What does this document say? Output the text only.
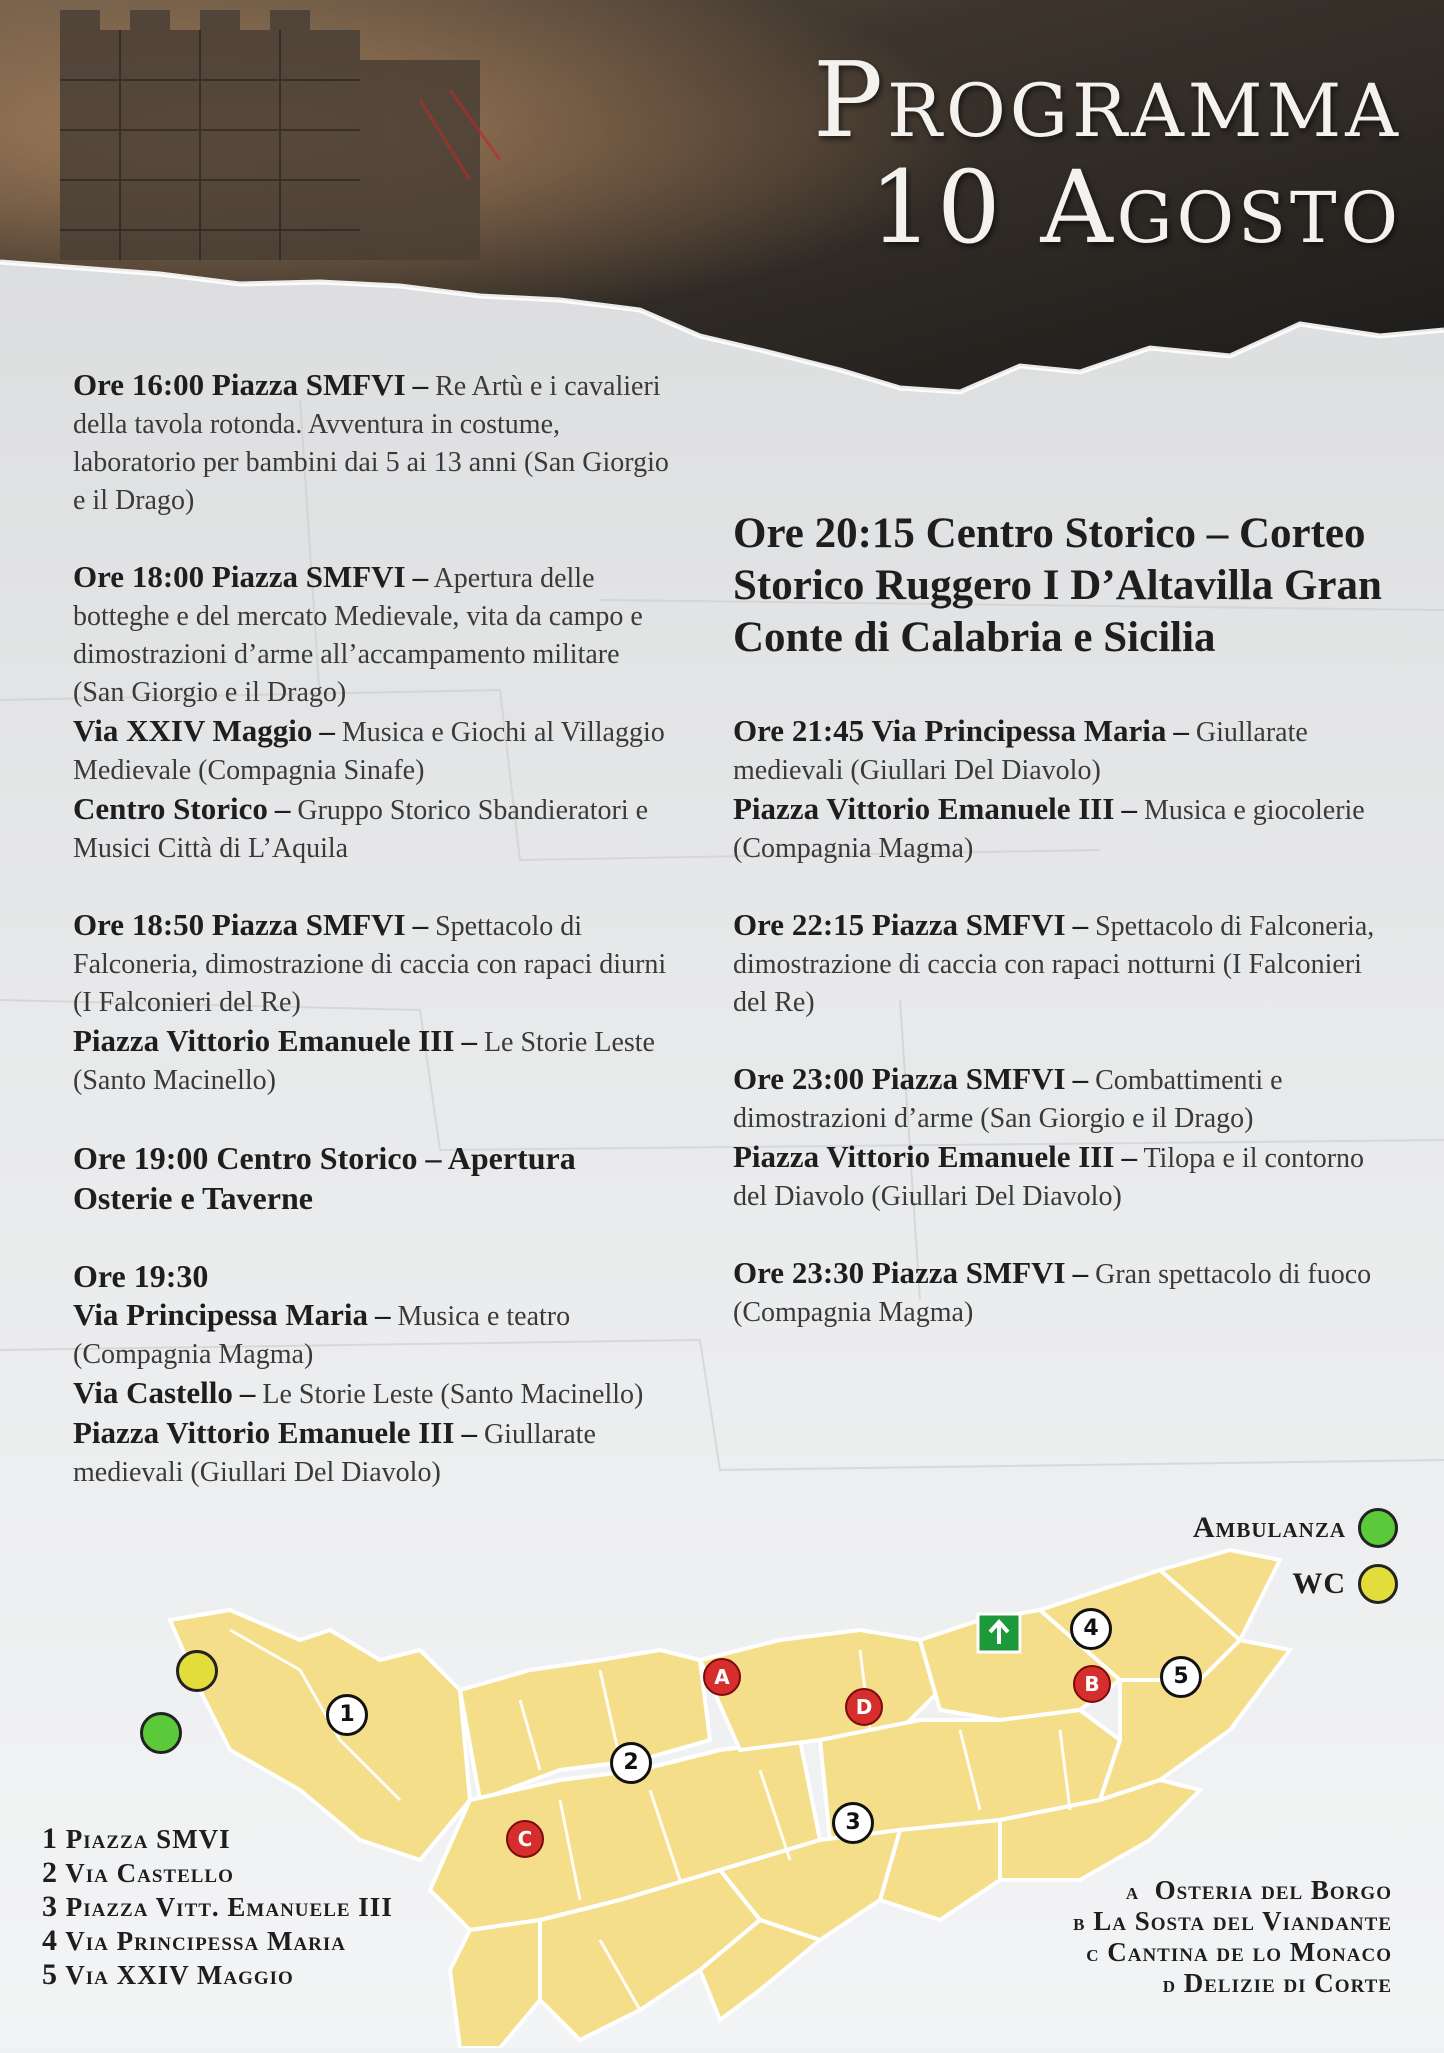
Programma
10 Agosto
Ore 16:00 Piazza SMFVI – Re Artù e i cavalieri della tavola rotonda. Avventura in costume, laboratorio per bambini dai 5 ai 13 anni (San Giorgio e il Drago)
Ore 18:00 Piazza SMFVI – Apertura delle botteghe e del mercato Medievale, vita da campo e dimostrazioni d’arme all’accampamento militare (San Giorgio e il Drago)
Via XXIV Maggio – Musica e Giochi al Villaggio Medievale (Compagnia Sinafe)
Centro Storico – Gruppo Storico Sbandieratori e Musici Città di L’Aquila
Ore 18:50 Piazza SMFVI – Spettacolo di Falconeria, dimostrazione di caccia con rapaci diurni (I Falconieri del Re)
Piazza Vittorio Emanuele III – Le Storie Leste (Santo Macinello)
Ore 19:00 Centro Storico – Apertura Osterie e Taverne
Ore 19:30
Via Principessa Maria – Musica e teatro (Compagnia Magma)
Via Castello – Le Storie Leste (Santo Macinello)
Piazza Vittorio Emanuele III – Giullarate medievali (Giullari Del Diavolo)
Ore 20:15 Centro Storico – Corteo Storico Ruggero I D’Altavilla Gran Conte di Calabria e Sicilia
Ore 21:45 Via Principessa Maria – Giullarate medievali (Giullari Del Diavolo)
Piazza Vittorio Emanuele III – Musica e giocolerie (Compagnia Magma)
Ore 22:15 Piazza SMFVI – Spettacolo di Falconeria, dimostrazione di caccia con rapaci notturni (I Falconieri del Re)
Ore 23:00 Piazza SMFVI – Combattimenti e dimostrazioni d’arme (San Giorgio e il Drago)
Piazza Vittorio Emanuele III – Tilopa e il contorno del Diavolo (Giullari Del Diavolo)
Ore 23:30 Piazza SMFVI – Gran spettacolo di fuoco (Compagnia Magma)
Ambulanza
WC
1
2
3
4
5
A	B
C
D
1 Piazza SMVI
2 Via Castello
3 Piazza Vitt. Emanuele III
4 Via Principessa Maria
5 Via XXIV Maggio
a Osteria del Borgo
b La Sosta del Viandante
c Cantina de lo Monaco
d Delizie di Corte
